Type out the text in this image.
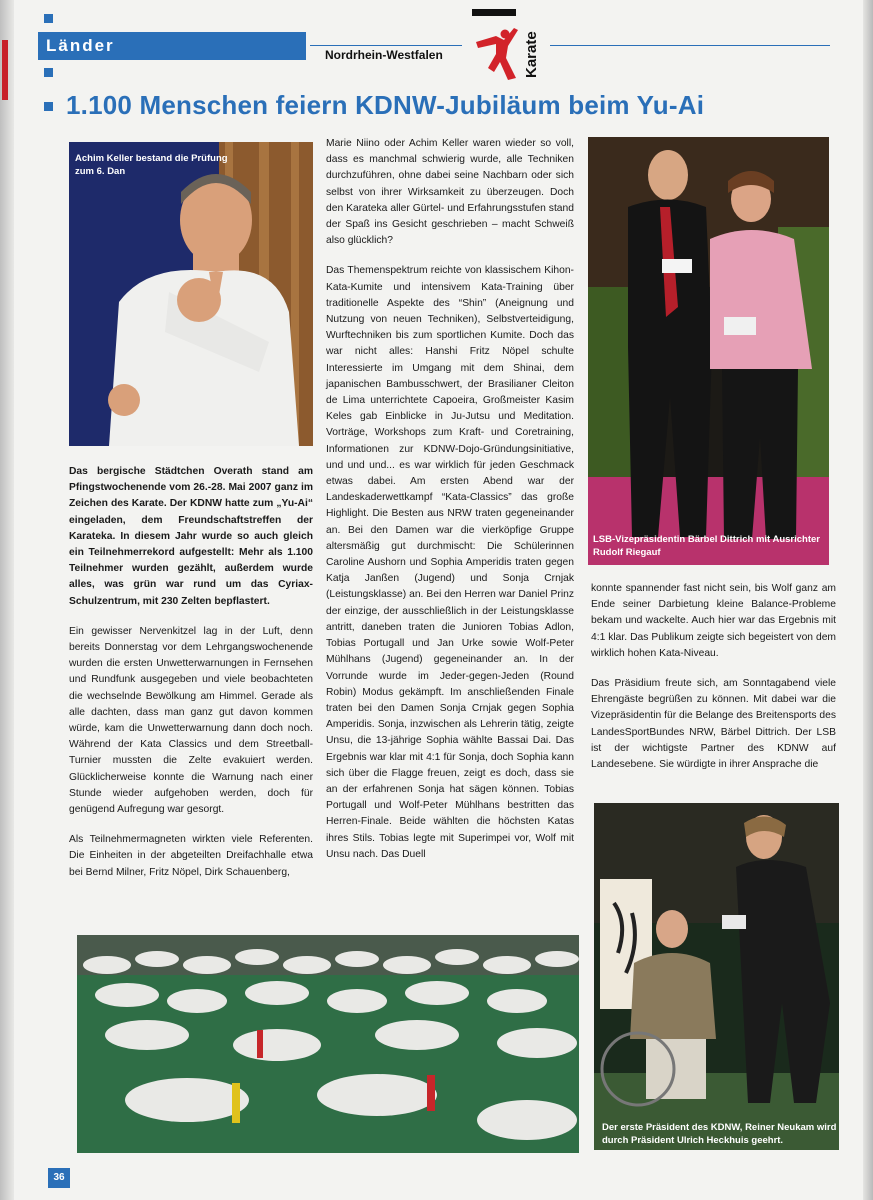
Länder	Nordrhein-Westfalen	Karate
1.100 Menschen feiern KDNW-Jubiläum beim Yu-Ai
Achim Keller bestand die Prüfung zum 6. Dan

Das bergische Städtchen Overath stand am Pfingstwochenende vom 26.-28. Mai 2007 ganz im Zeichen des Karate. Der KDNW hatte zum „Yu-Ai“ eingeladen, dem Freundschaftstreffen der Karateka. In diesem Jahr wurde so auch gleich ein Teilnehmerrekord aufgestellt: Mehr als 1.100 Teilnehmer wurden gezählt, außerdem wurde alles, was grün war rund um das Cyriax-Schulzentrum, mit 230 Zelten bepflastert.

Ein gewisser Nervenkitzel lag in der Luft, denn bereits Donnerstag vor dem Lehrgangswochenende wurden die ersten Unwetterwarnungen in Fernsehen und Rundfunk ausgegeben und viele beobachteten die wechselnde Bewölkung am Himmel. Gerade als alle dachten, dass man ganz gut davon kommen würde, kam die Unwetterwarnung dann doch noch. Während der Kata Classics und dem Streetball-Turnier mussten die Zelte evakuiert werden. Glücklicherweise konnte die Warnung nach einer Stunde wieder aufgehoben werden, doch für genügend Aufregung war gesorgt.

Als Teilnehmermagneten wirkten viele Referenten. Die Einheiten in der abgeteilten Dreifachhalle etwa bei Bernd Milner, Fritz Nöpel, Dirk Schauenberg,

Marie Niino oder Achim Keller waren wieder so voll, dass es manchmal schwierig wurde, alle Techniken durchzuführen, ohne dabei seine Nachbarn oder sich selbst von ihrer Wirksamkeit zu überzeugen. Doch den Karateka aller Gürtel- und Erfahrungsstufen stand der Spaß ins Gesicht geschrieben – macht Schweiß also glücklich?

Das Themenspektrum reichte von klassischem Kihon-Kata-Kumite und intensivem Kata-Training über traditionelle Aspekte des “Shin” (Aneignung und Nutzung von neuen Techniken), Selbstverteidigung, Wurftechniken bis zum sportlichen Kumite. Doch das war nicht alles: Hanshi Fritz Nöpel schulte Interessierte im Umgang mit dem Shinai, dem japanischen Bambusschwert, der Brasilianer Cleiton de Lima unterrichtete Capoeira, Großmeister Kasim Keles gab Einblicke in Ju-Jutsu und Meditation. Vorträge, Workshops zum Kraft- und Coretraining, Informationen zur KDNW-Dojo-Gründungsinitiative, und und und... es war wirklich für jeden Geschmack etwas dabei. Am ersten Abend war der Landeskaderwettkampf “Kata-Classics” das große Highlight. Die Besten aus NRW traten gegeneinander an. Bei den Damen war die vierköpfige Gruppe altersmäßig gut durchmischt: Die Schülerinnen Caroline Aushorn und Sophia Amperidis traten gegen Katja Janßen (Jugend) und Sonja Crnjak (Leistungsklasse) an. Bei den Herren war Daniel Prinz der einzige, der ausschließlich in der Leistungsklasse antritt, daneben traten die Junioren Tobias Adlon, Tobias Portugall und Jan Urke sowie Wolf-Peter Mühlhans (Jugend) gegeneinander an. In der Vorrunde wurde im Jeder-gegen-Jeden (Round Robin) Modus gekämpft. Im anschließenden Finale traten bei den Damen Sonja Crnjak gegen Sophia Amperidis. Sonja, inzwischen als Lehrerin tätig, zeigte Unsu, die 13-jährige Sophia wählte Bassai Dai. Das Ergebnis war klar mit 4:1 für Sonja, doch Sophia kann sich über die Flagge freuen, zeigt es doch, dass sie an der erfahrenen Sonja hat sägen können. Tobias Portugall und Wolf-Peter Mühlhans bestritten das Herren-Finale. Beide wählten die höchsten Katas ihres Stils. Tobias legte mit Superimpei vor, Wolf mit Unsu nach. Das Duell

LSB-Vizepräsidentin Bärbel Dittrich mit Ausrichter Rudolf Riegauf

konnte spannender fast nicht sein, bis Wolf ganz am Ende seiner Darbietung kleine Balance-Probleme bekam und wackelte. Auch hier war das Ergebnis mit 4:1 klar. Das Publikum zeigte sich begeistert von dem wirklich hohen Kata-Niveau.

Das Präsidium freute sich, am Sonntagabend viele Ehrengäste begrüßen zu können. Mit dabei war die Vizepräsidentin für die Belange des Breitensports des LandesSportBundes NRW, Bärbel Dittrich. Der LSB ist der wichtigste Partner des KDNW auf Landesebene. Sie würdigte in ihrer Ansprache die

Der erste Präsident des KDNW, Reiner Neukam wird durch Präsident Ulrich Heckhuis geehrt.
36
